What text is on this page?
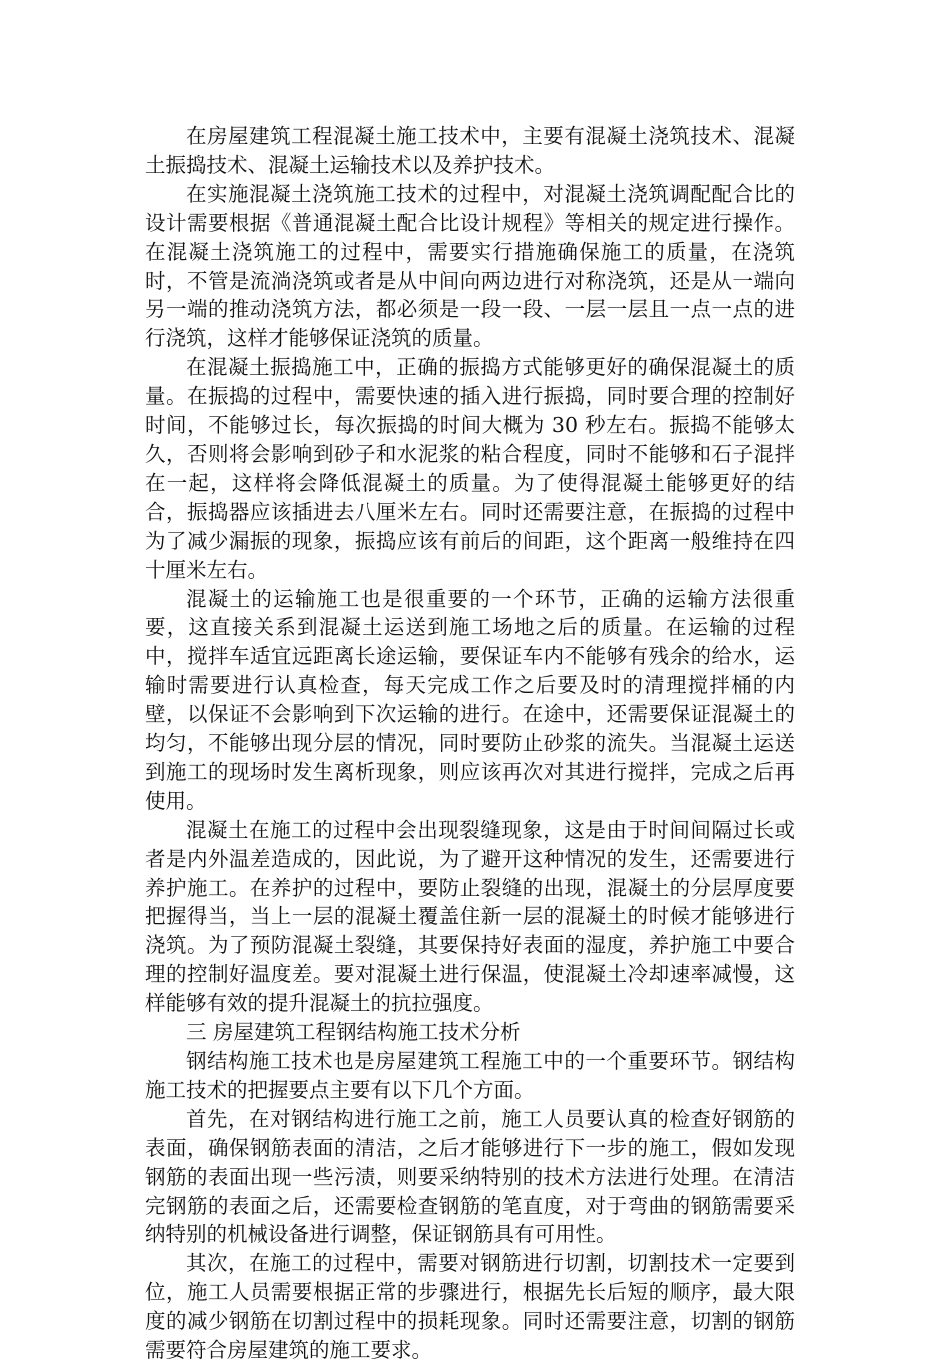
在房屋建筑工程混凝土施工技术中，主要有混凝土浇筑技术、混凝土振捣技术、混凝土运输技术以及养护技术。

在实施混凝土浇筑施工技术的过程中，对混凝土浇筑调配配合比的设计需要根据《普通混凝土配合比设计规程》等相关的规定进行操作。在混凝土浇筑施工的过程中，需要实行措施确保施工的质量，在浇筑时，不管是流淌浇筑或者是从中间向两边进行对称浇筑，还是从一端向另一端的推动浇筑方法，都必须是一段一段、一层一层且一点一点的进行浇筑，这样才能够保证浇筑的质量。

在混凝土振捣施工中，正确的振捣方式能够更好的确保混凝土的质量。在振捣的过程中，需要快速的插入进行振捣，同时要合理的控制好时间，不能够过长，每次振捣的时间大概为 30 秒左右。振捣不能够太久，否则将会影响到砂子和水泥浆的粘合程度，同时不能够和石子混拌在一起，这样将会降低混凝土的质量。为了使得混凝土能够更好的结合，振捣器应该插进去八厘米左右。同时还需要注意，在振捣的过程中为了减少漏振的现象，振捣应该有前后的间距，这个距离一般维持在四十厘米左右。

混凝土的运输施工也是很重要的一个环节，正确的运输方法很重要，这直接关系到混凝土运送到施工场地之后的质量。在运输的过程中，搅拌车适宜远距离长途运输，要保证车内不能够有残余的给水，运输时需要进行认真检查，每天完成工作之后要及时的清理搅拌桶的内壁，以保证不会影响到下次运输的进行。在途中，还需要保证混凝土的均匀，不能够出现分层的情况，同时要防止砂浆的流失。当混凝土运送到施工的现场时发生离析现象，则应该再次对其进行搅拌，完成之后再使用。

混凝土在施工的过程中会出现裂缝现象，这是由于时间间隔过长或者是内外温差造成的，因此说，为了避开这种情况的发生，还需要进行养护施工。在养护的过程中，要防止裂缝的出现，混凝土的分层厚度要把握得当，当上一层的混凝土覆盖住新一层的混凝土的时候才能够进行浇筑。为了预防混凝土裂缝，其要保持好表面的湿度，养护施工中要合理的控制好温度差。要对混凝土进行保温，使混凝土冷却速率减慢，这样能够有效的提升混凝土的抗拉强度。

三 房屋建筑工程钢结构施工技术分析

钢结构施工技术也是房屋建筑工程施工中的一个重要环节。钢结构施工技术的把握要点主要有以下几个方面。

首先，在对钢结构进行施工之前，施工人员要认真的检查好钢筋的表面，确保钢筋表面的清洁，之后才能够进行下一步的施工，假如发现钢筋的表面出现一些污渍，则要采纳特别的技术方法进行处理。在清洁完钢筋的表面之后，还需要检查钢筋的笔直度，对于弯曲的钢筋需要采纳特别的机械设备进行调整，保证钢筋具有可用性。

其次，在施工的过程中，需要对钢筋进行切割，切割技术一定要到位，施工人员需要根据正常的步骤进行，根据先长后短的顺序，最大限度的减少钢筋在切割过程中的损耗现象。同时还需要注意，切割的钢筋需要符合房屋建筑的施工要求。
